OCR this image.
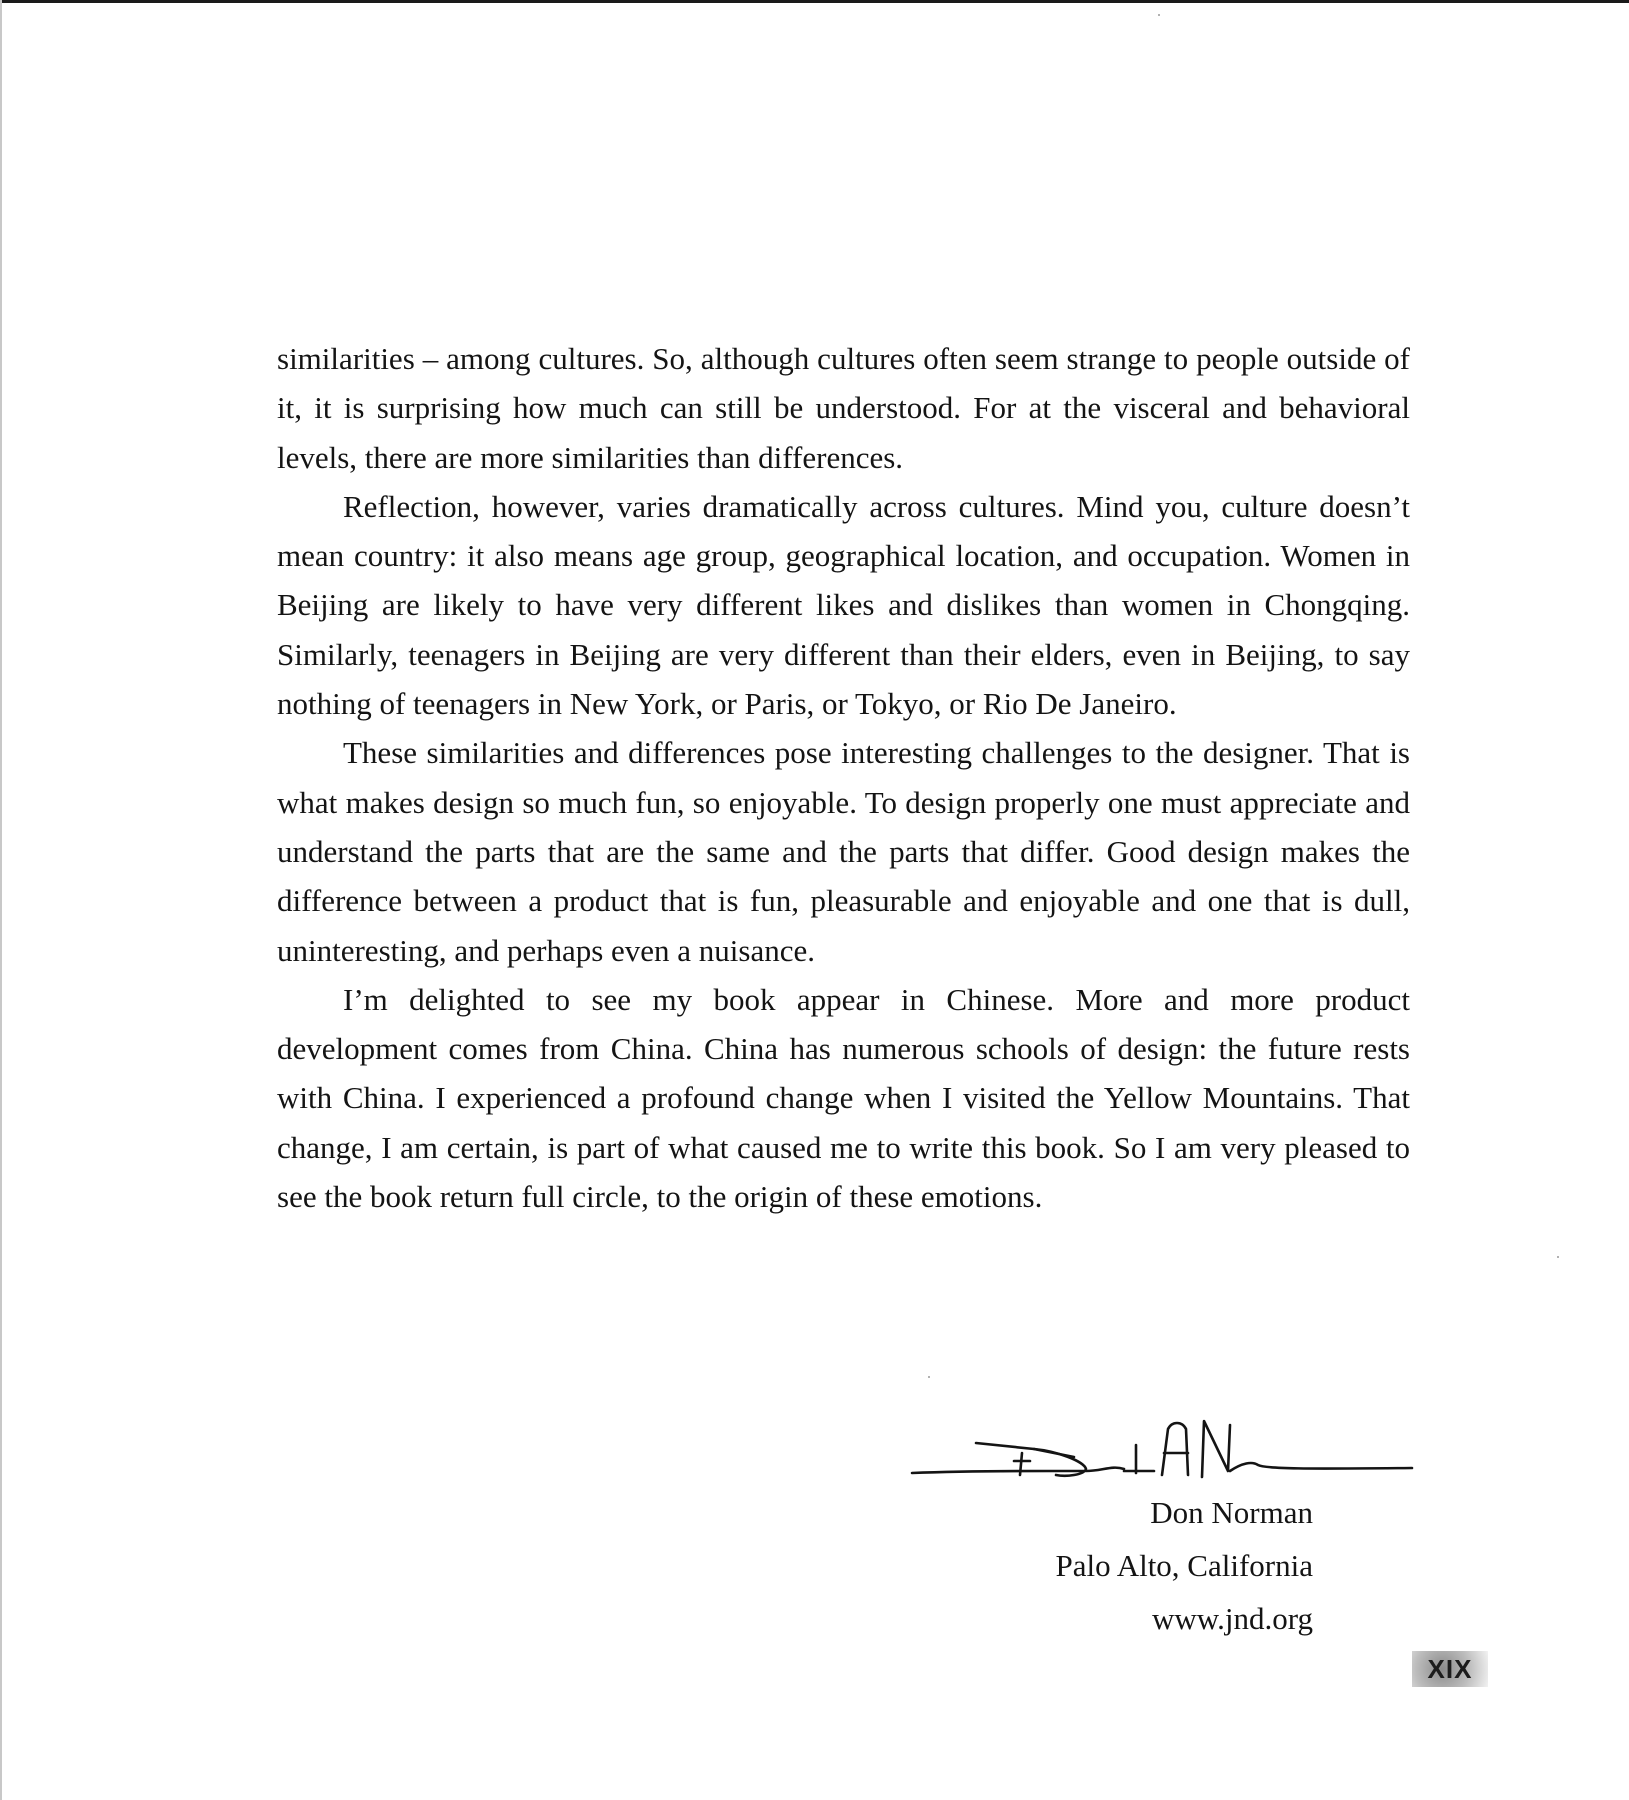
similarities – among cultures. So, although cultures often seem strange to people outside of it, it is surprising how much can still be understood. For at the visceral and behavioral levels, there are more similarities than differences.

Reflection, however, varies dramatically across cultures. Mind you, culture doesn’t mean country: it also means age group, geographical location, and occupation. Women in Beijing are likely to have very different likes and dislikes than women in Chongqing. Similarly, teenagers in Beijing are very different than their elders, even in Beijing, to say nothing of teenagers in New York, or Paris, or Tokyo, or Rio De Janeiro.

These similarities and differences pose interesting challenges to the designer. That is what makes design so much fun, so enjoyable. To design properly one must appreciate and understand the parts that are the same and the parts that differ. Good design makes the difference between a product that is fun, pleasurable and enjoyable and one that is dull, uninteresting, and perhaps even a nuisance.

I’m delighted to see my book appear in Chinese. More and more product development comes from China. China has numerous schools of design: the future rests with China. I experienced a profound change when I visited the Yellow Mountains. That change, I am certain, is part of what caused me to write this book. So I am very pleased to see the book return full circle, to the origin of these emotions.

Don Norman
Palo Alto, California
www.jnd.org
XIX
